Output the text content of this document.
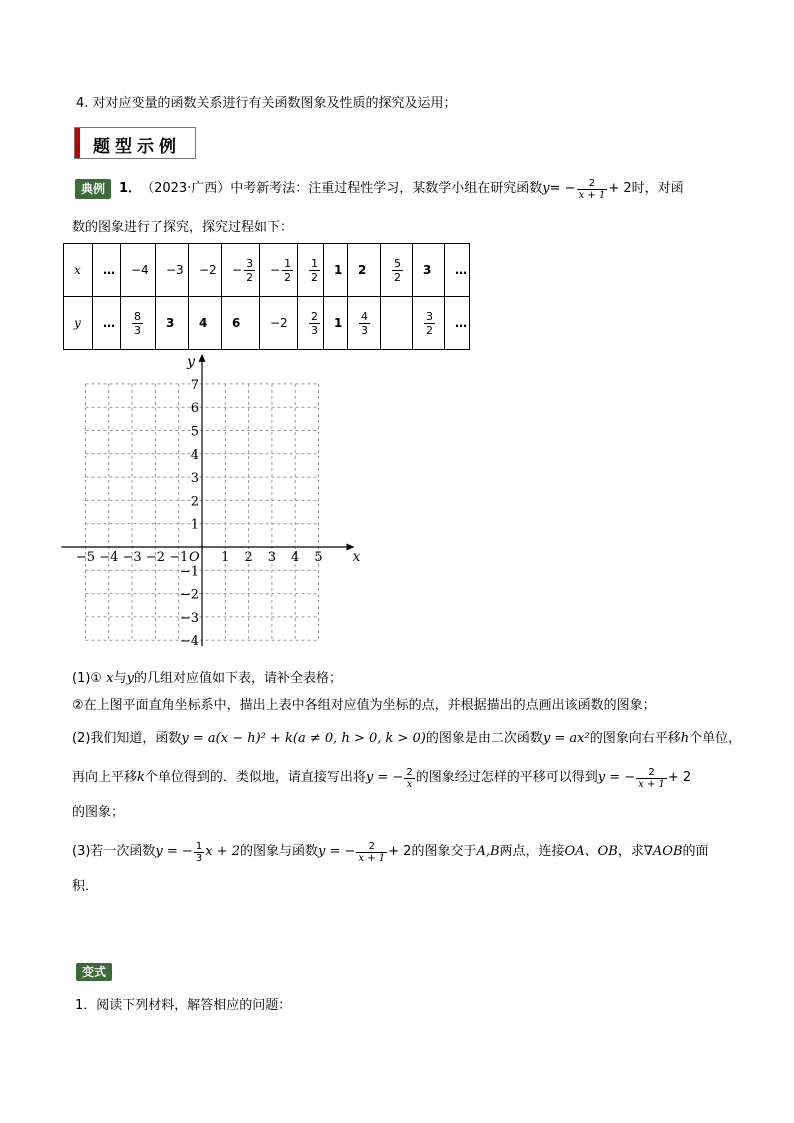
4. 对对应变量的函数关系进行有关函数图象及性质的探究及运用；
题型示例
典例	1． （2023·广西） 中考新考法：注重过程性学习，某数学小组在研究函数 y = − $\frac{2}{x + 1} + 2$ 时，对函
数的图象进行了探究，探究过程如下：
x	…	−4	−3	−2	− $\frac{3}{2}$	− $\frac{1}{2}$	$\frac{1}{2}$	1	2	$\frac{5}{2}$	3	…
y	…	$\frac{8}{3}$	3	4	6	−2	$\frac{2}{3}$	1	$\frac{4}{3}$		$\frac{3}{2}$	…
x
y
O
−5 −4 −3 −2 −1	1 2 3 4 5
7
6
5
4
3
2
1
−1
−2
−3
−4
(1)① x与y的几组对应值如下表，请补全表格；
②在上图平面直角坐标系中，描出上表中各组对应值为坐标的点，并根据描出的点画出该函数的图象；
(2)我们知道，函数y = a(x − h)² + k(a ≠ 0, h > 0, k > 0)的图象是由二次函数y = ax²的图象向右平移h个单位，
再向上平移 k 个单位得到的．类似地，请直接写出将 y = − $\frac{2}{x}$ 的图象经过怎样的平移可以得到 y = − $\frac{2}{x + 1} + 2$
的图象；
(3)若一次函数 y = − $\frac{1}{3}$ x + 2 的图象与函数 y = − $\frac{2}{x + 1} + 2$ 的图象交于 A,B 两点，连接 OA 、 OB ，求 ∇AOB 的面
积．
变式
1．阅读下列材料，解答相应的问题：
